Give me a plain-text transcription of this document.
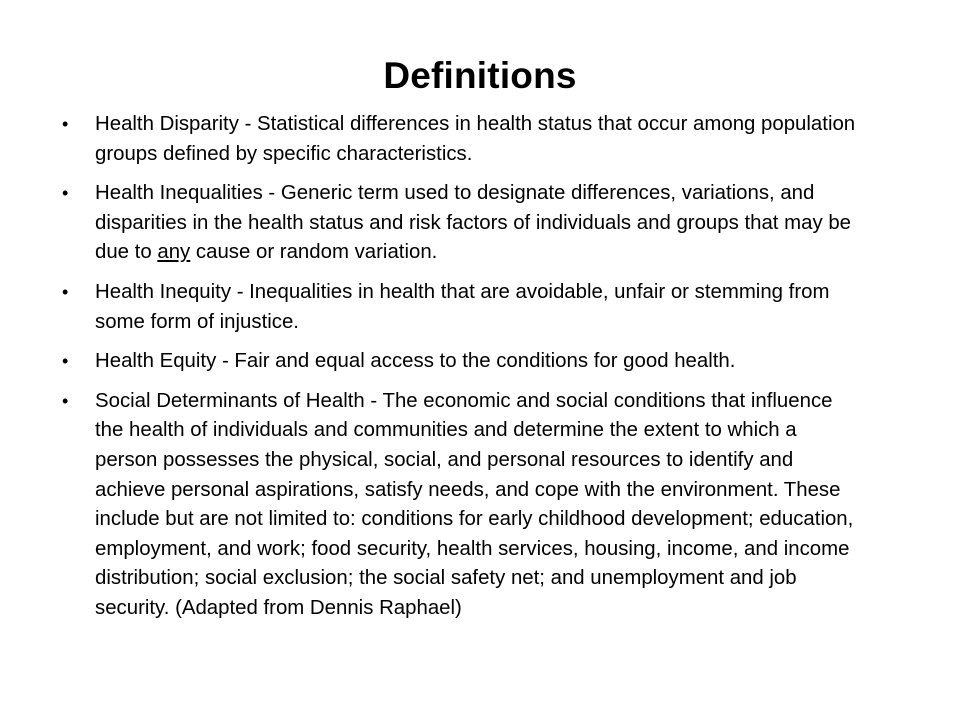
Definitions
• Health Disparity - Statistical differences in health status that occur among population groups defined by specific characteristics.
• Health Inequalities - Generic term used to designate differences, variations, and disparities in the health status and risk factors of individuals and groups that may be due to any cause or random variation.
• Health Inequity - Inequalities in health that are avoidable, unfair or stemming from some form of injustice.
• Health Equity - Fair and equal access to the conditions for good health.
• Social Determinants of Health - The economic and social conditions that influence the health of individuals and communities and determine the extent to which a person possesses the physical, social, and personal resources to identify and achieve personal aspirations, satisfy needs, and cope with the environment. These include but are not limited to: conditions for early childhood development; education, employment, and work; food security, health services, housing, income, and income distribution; social exclusion; the social safety net; and unemployment and job security. (Adapted from Dennis Raphael)
